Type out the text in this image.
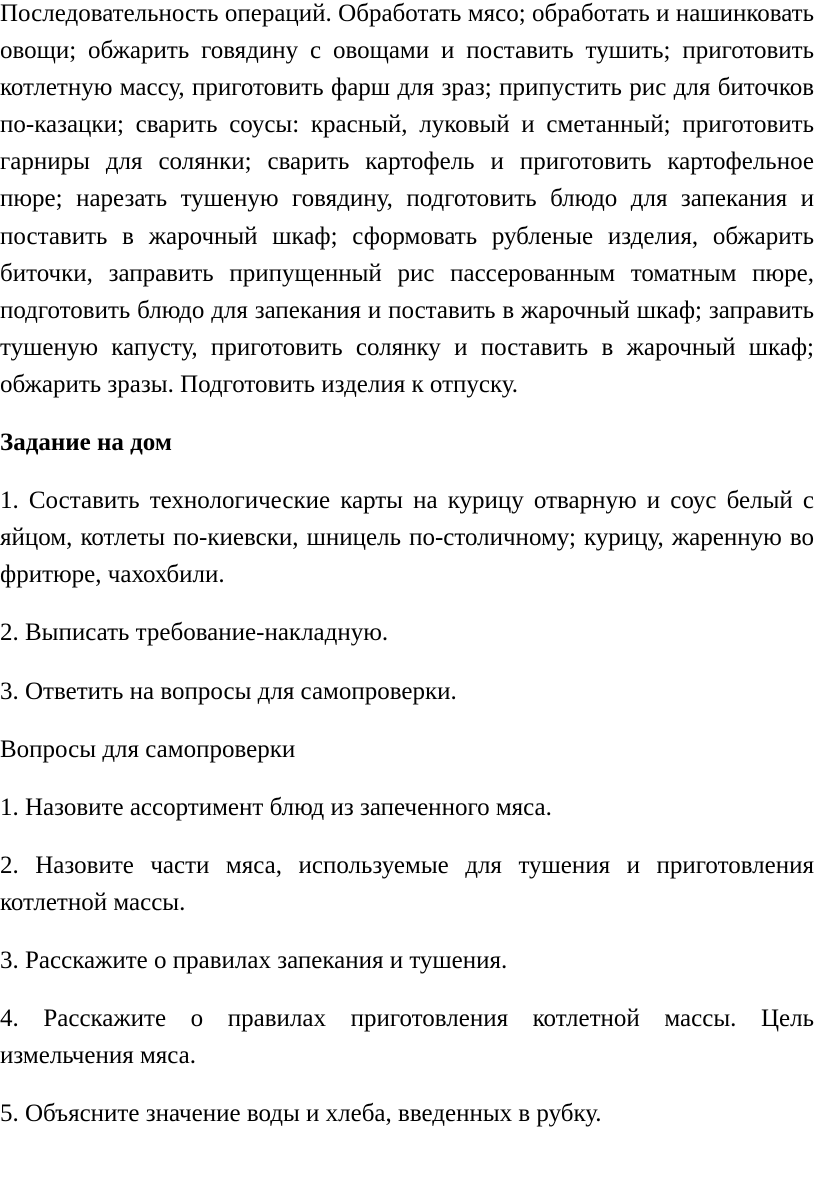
Последовательность операций. Обработать мясо; обработать и нашинковать овощи; обжарить говядину с овощами и поставить тушить; приготовить котлетную массу, приготовить фарш для зраз; припустить рис для биточков по-казацки; сварить соусы: красный, луковый и сметанный; приготовить гарниры для солянки; сварить картофель и приготовить картофельное пюре; нарезать тушеную говядину, подготовить блюдо для запекания и поставить в жарочный шкаф; сформовать рубленые изделия, обжарить биточки, заправить припущенный рис пассерованным томатным пюре, подготовить блюдо для запекания и поставить в жарочный шкаф; заправить тушеную капусту, приготовить солянку и поставить в жарочный шкаф; обжарить зразы. Подготовить изделия к отпуску.

Задание на дом

1. Составить технологические карты на курицу отварную и соус белый с яйцом, котлеты по-киевски, шницель по-столичному; курицу, жаренную во фритюре, чахохбили.

2. Выписать требование-накладную.

3. Ответить на вопросы для самопроверки.

Вопросы для самопроверки

1. Назовите ассортимент блюд из запеченного мяса.

2. Назовите части мяса, используемые для тушения и приготовления котлетной массы.

3. Расскажите о правилах запекания и тушения.

4. Расскажите о правилах приготовления котлетной массы. Цель измельчения мяса.

5. Объясните значение воды и хлеба, введенных в рубку.
